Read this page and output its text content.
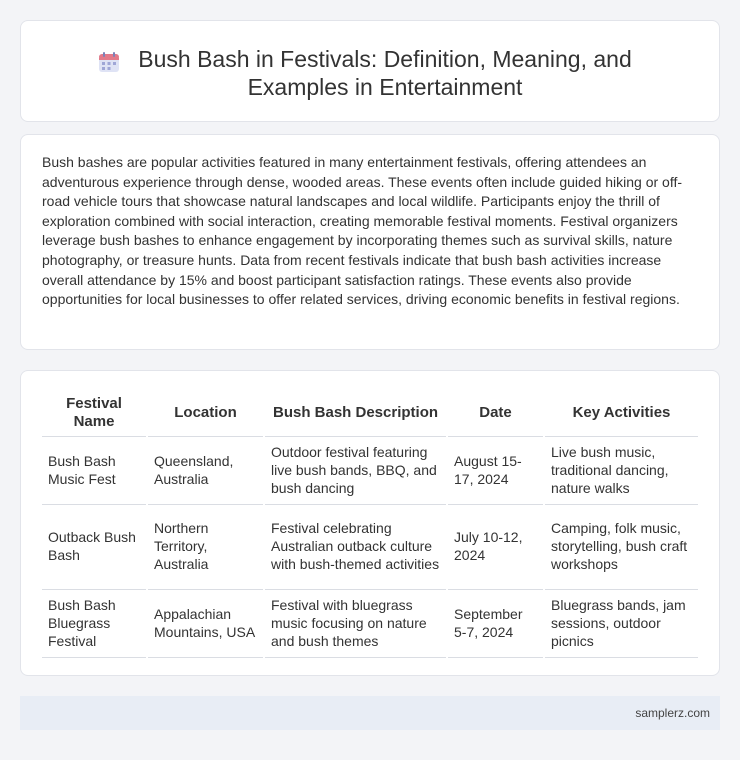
Bush Bash in Festivals: Definition, Meaning, and Examples in Entertainment

Bush bashes are popular activities featured in many entertainment festivals, offering attendees an adventurous experience through dense, wooded areas. These events often include guided hiking or off-road vehicle tours that showcase natural landscapes and local wildlife. Participants enjoy the thrill of exploration combined with social interaction, creating memorable festival moments. Festival organizers leverage bush bashes to enhance engagement by incorporating themes such as survival skills, nature photography, or treasure hunts. Data from recent festivals indicate that bush bash activities increase overall attendance by 15% and boost participant satisfaction ratings. These events also provide opportunities for local businesses to offer related services, driving economic benefits in festival regions.

Festival Name	Location	Bush Bash Description	Date	Key Activities
Bush Bash Music Fest	Queensland, Australia	Outdoor festival featuring live bush bands, BBQ, and bush dancing	August 15-17, 2024	Live bush music, traditional dancing, nature walks
Outback Bush Bash	Northern Territory, Australia	Festival celebrating Australian outback culture with bush-themed activities	July 10-12, 2024	Camping, folk music, storytelling, bush craft workshops
Bush Bash Bluegrass Festival	Appalachian Mountains, USA	Festival with bluegrass music focusing on nature and bush themes	September 5-7, 2024	Bluegrass bands, jam sessions, outdoor picnics
samplerz.com
